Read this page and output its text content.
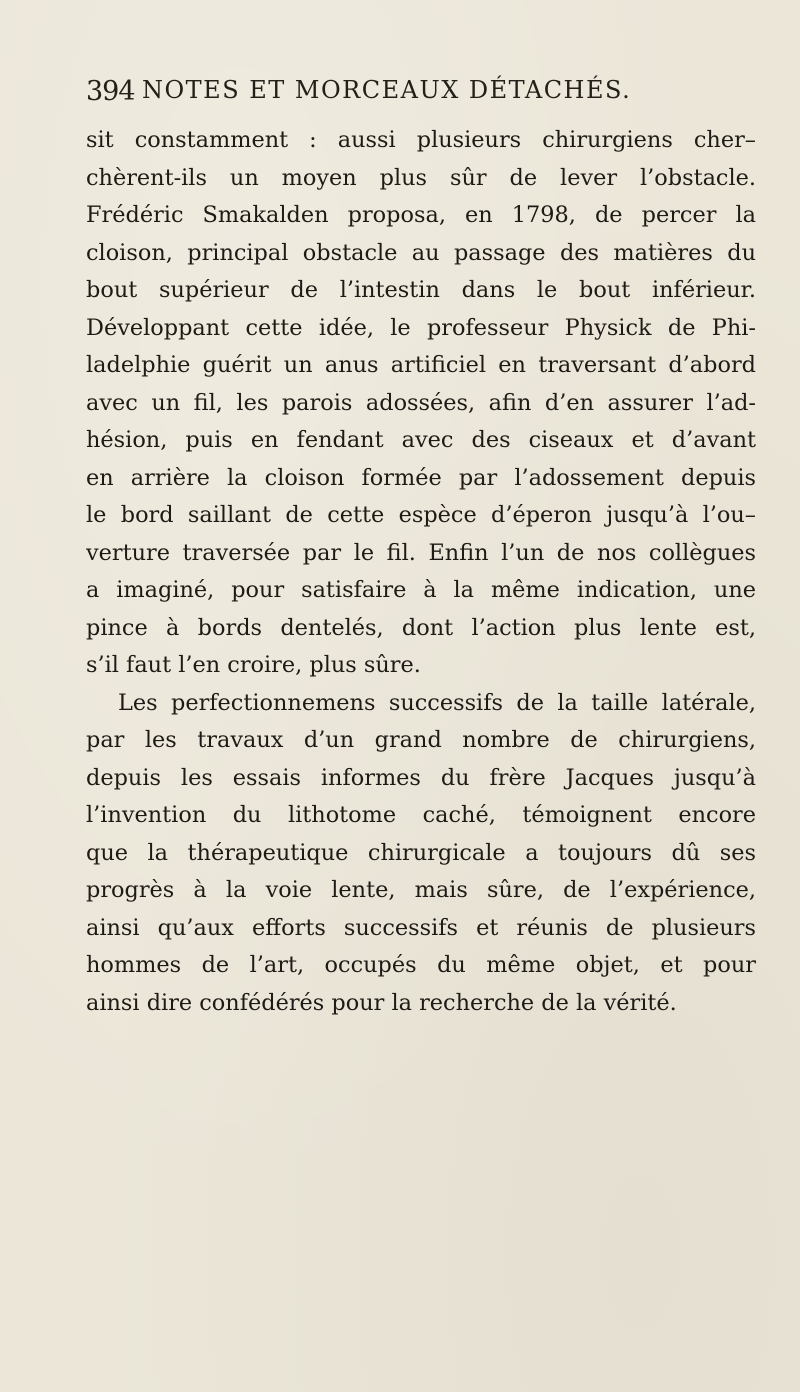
394 NOTES ET MORCEAUX DÉTACHÉS.
sit constamment : aussi plusieurs chirurgiens cher–
chèrent-ils un moyen plus sûr de lever l’obstacle.
Frédéric Smakalden proposa, en 1798, de percer la
cloison, principal obstacle au passage des matières du
bout supérieur de l’intestin dans le bout inférieur.
Développant cette idée, le professeur Physick de Phi-
ladelphie guérit un anus artificiel en traversant d’abord
avec un fil, les parois adossées, afin d’en assurer l’ad-
hésion, puis en fendant avec des ciseaux et d’avant
en arrière la cloison formée par l’adossement depuis
le bord saillant de cette espèce d’éperon jusqu’à l’ou–
verture traversée par le fil. Enfin l’un de nos collègues
a imaginé, pour satisfaire à la même indication, une
pince à bords dentelés, dont l’action plus lente est,
s’il faut l’en croire, plus sûre.
Les perfectionnemens successifs de la taille latérale,
par les travaux d’un grand nombre de chirurgiens,
depuis les essais informes du frère Jacques jusqu’à
l’invention du lithotome caché, témoignent encore
que la thérapeutique chirurgicale a toujours dû ses
progrès à la voie lente, mais sûre, de l’expérience,
ainsi qu’aux efforts successifs et réunis de plusieurs
hommes de l’art, occupés du même objet, et pour
ainsi dire confédérés pour la recherche de la vérité.
